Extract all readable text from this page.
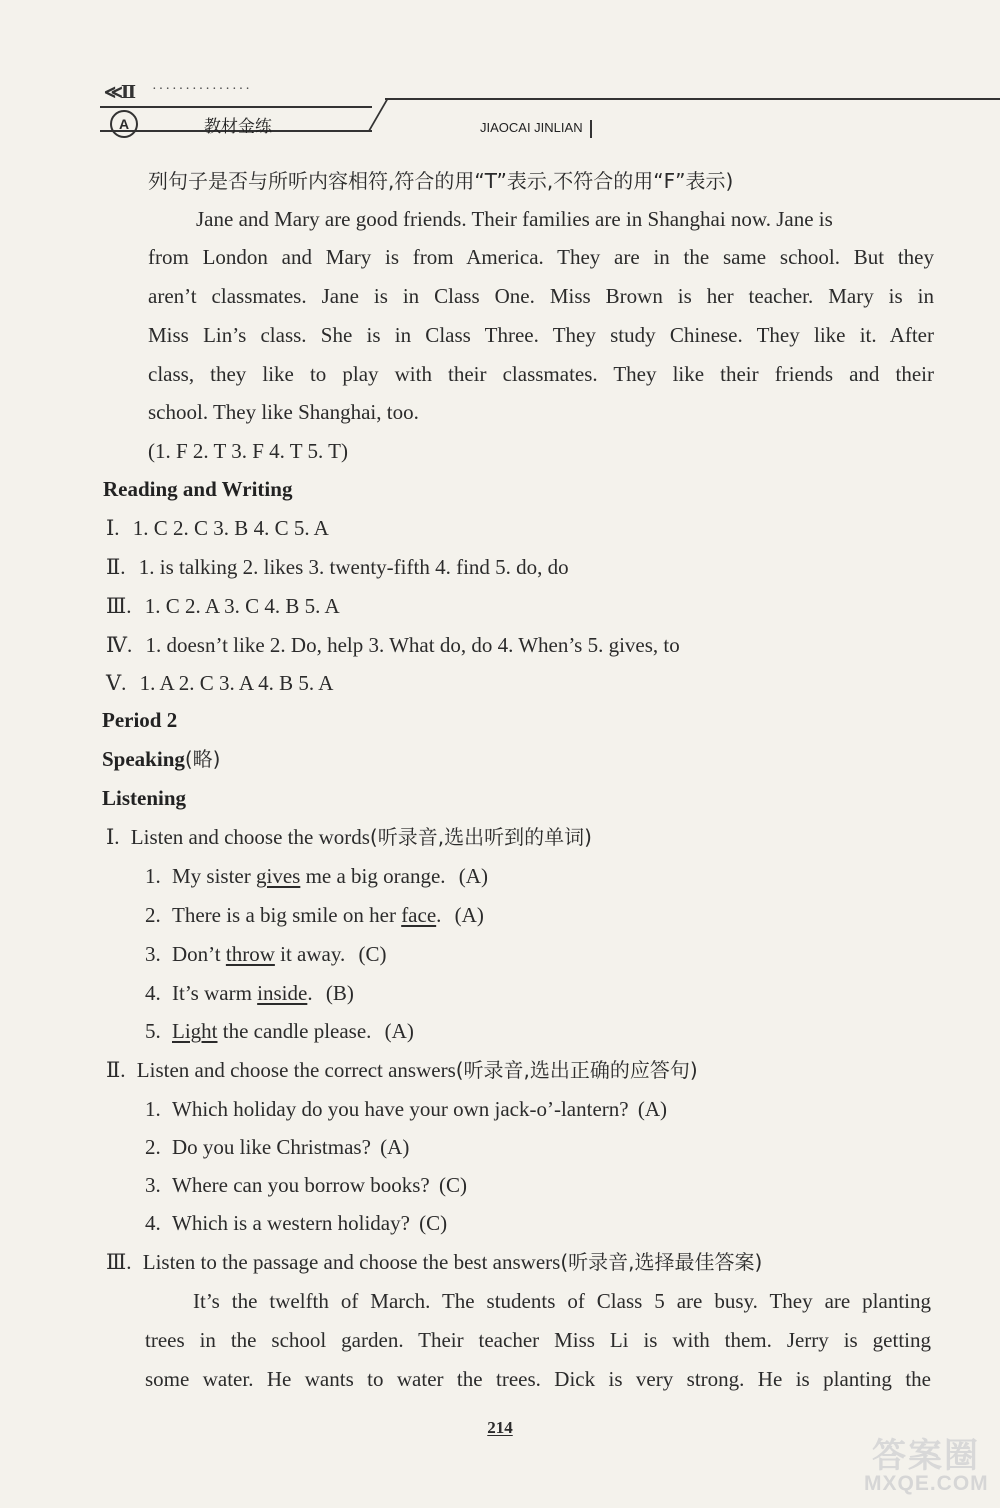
≪Ⅱ ···············
A	教材金练	JIAOCAI JINLIAN
列句子是否与所听内容相符,符合的用“T”表示,不符合的用“F”表示)
Jane and Mary are good friends. Their families are in Shanghai now. Jane is
from London and Mary is from America. They are in the same school. But they
aren’t classmates. Jane is in Class One. Miss Brown is her teacher. Mary is in
Miss Lin’s class. She is in Class Three. They study Chinese. They like it. After
class, they like to play with their classmates. They like their friends and their
school. They like Shanghai, too.
(1. F 2. T 3. F 4. T 5. T)
Reading and Writing
Ⅰ. 1. C 2. C 3. B 4. C 5. A
Ⅱ. 1. is talking 2. likes 3. twenty-fifth 4. find 5. do, do
Ⅲ. 1. C 2. A 3. C 4. B 5. A
Ⅳ. 1. doesn’t like 2. Do, help 3. What do, do 4. When’s 5. gives, to
Ⅴ. 1. A 2. C 3. A 4. B 5. A
Period 2
Speaking(略)
Listening
Ⅰ. Listen and choose the words(听录音,选出听到的单词)
1. My sister gives me a big orange. (A)
2. There is a big smile on her face. (A)
3. Don’t throw it away. (C)
4. It’s warm inside. (B)
5. Light the candle please. (A)
Ⅱ. Listen and choose the correct answers(听录音,选出正确的应答句)
1. Which holiday do you have your own jack-o’-lantern? (A)
2. Do you like Christmas? (A)
3. Where can you borrow books? (C)
4. Which is a western holiday? (C)
Ⅲ. Listen to the passage and choose the best answers(听录音,选择最佳答案)
It’s the twelfth of March. The students of Class 5 are busy. They are planting
trees in the school garden. Their teacher Miss Li is with them. Jerry is getting
some water. He wants to water the trees. Dick is very strong. He is planting the
214
答案圈
MXQE.COM
